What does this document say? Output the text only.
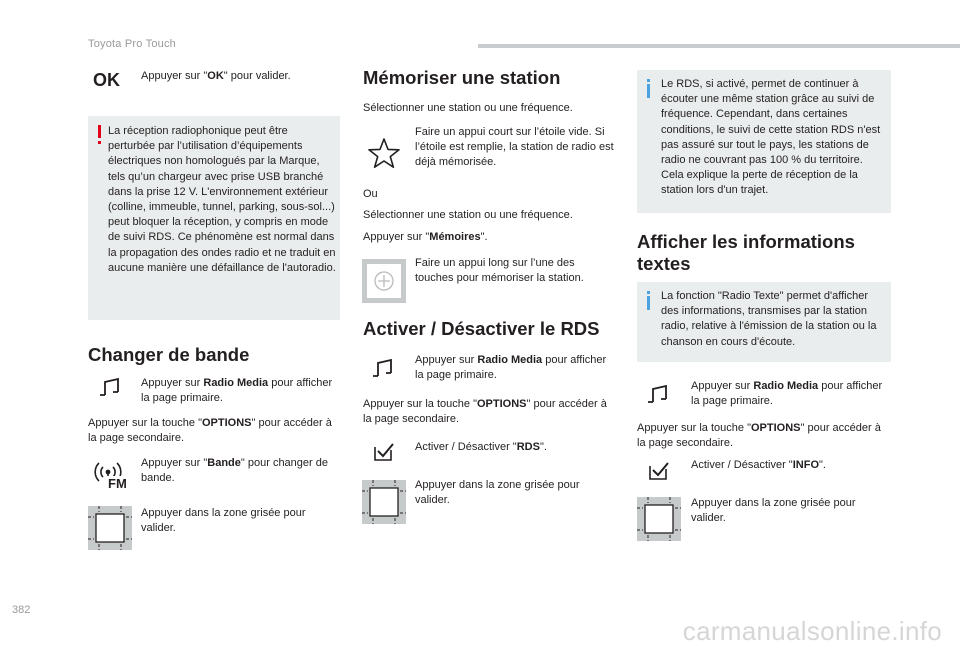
Toyota Pro Touch
382
carmanualsonline.info
OK Appuyer sur "OK" pour valider.
La réception radiophonique peut être perturbée par l’utilisation d’équipements électriques non homologués par la Marque, tels qu’un chargeur avec prise USB branché dans la prise 12 V. L'environnement extérieur (colline, immeuble, tunnel, parking, sous-sol...) peut bloquer la réception, y compris en mode de suivi RDS. Ce phénomène est normal dans la propagation des ondes radio et ne traduit en aucune manière une défaillance de l'autoradio.
Changer de bande
Appuyer sur Radio Media pour afficher la page primaire.
Appuyer sur la touche "OPTIONS" pour accéder à la page secondaire.
FM
Appuyer sur "Bande" pour changer de bande.
Appuyer dans la zone grisée pour valider.
Mémoriser une station
Sélectionner une station ou une fréquence.
Faire un appui court sur l’étoile vide. Si l’étoile est remplie, la station de radio est déjà mémorisée.
Ou
Sélectionner une station ou une fréquence.
Appuyer sur "Mémoires".
Faire un appui long sur l’une des touches pour mémoriser la station.
Activer / Désactiver le RDS
Appuyer sur Radio Media pour afficher la page primaire.
Appuyer sur la touche "OPTIONS" pour accéder à la page secondaire.
Activer / Désactiver "RDS".
Appuyer dans la zone grisée pour valider.
Le RDS, si activé, permet de continuer à écouter une même station grâce au suivi de fréquence. Cependant, dans certaines conditions, le suivi de cette station RDS n'est pas assuré sur tout le pays, les stations de radio ne couvrant pas 100 % du territoire. Cela explique la perte de réception de la station lors d'un trajet.
Afficher les informations textes
La fonction "Radio Texte" permet d'afficher des informations, transmises par la station radio, relative à l'émission de la station ou la chanson en cours d'écoute.
Appuyer sur Radio Media pour afficher la page primaire.
Appuyer sur la touche "OPTIONS" pour accéder à la page secondaire.
Activer / Désactiver "INFO".
Appuyer dans la zone grisée pour valider.
